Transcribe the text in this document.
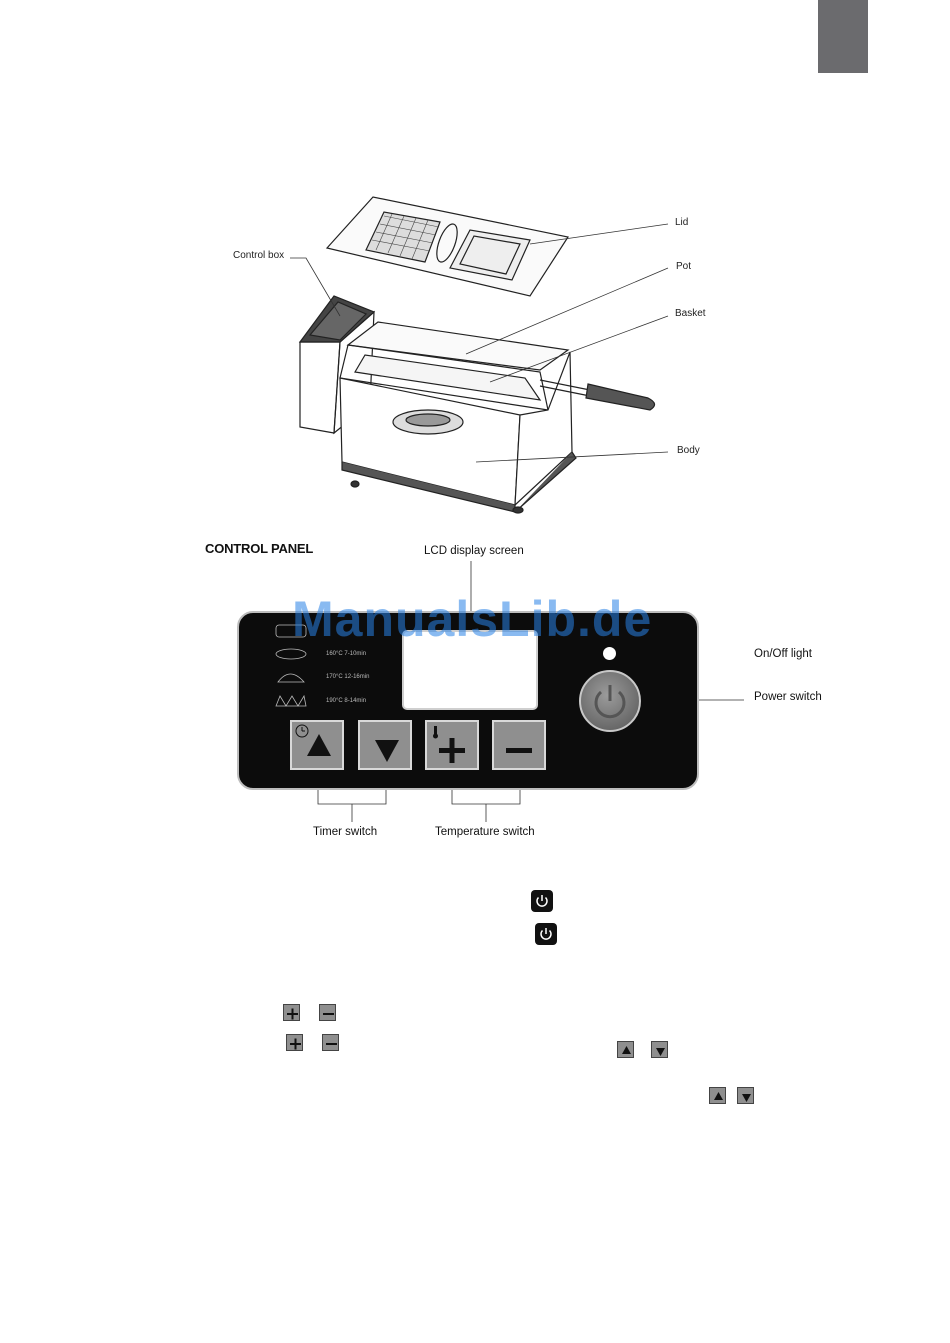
Control box
Lid
Pot
Basket
Body
CONTROL PANEL	LCD display screen
160°C 7-10min
170°C 12-16min
190°C 8-14min
ManualsLib.de
On/Off light
Power switch
Timer switch	Temperature switch
